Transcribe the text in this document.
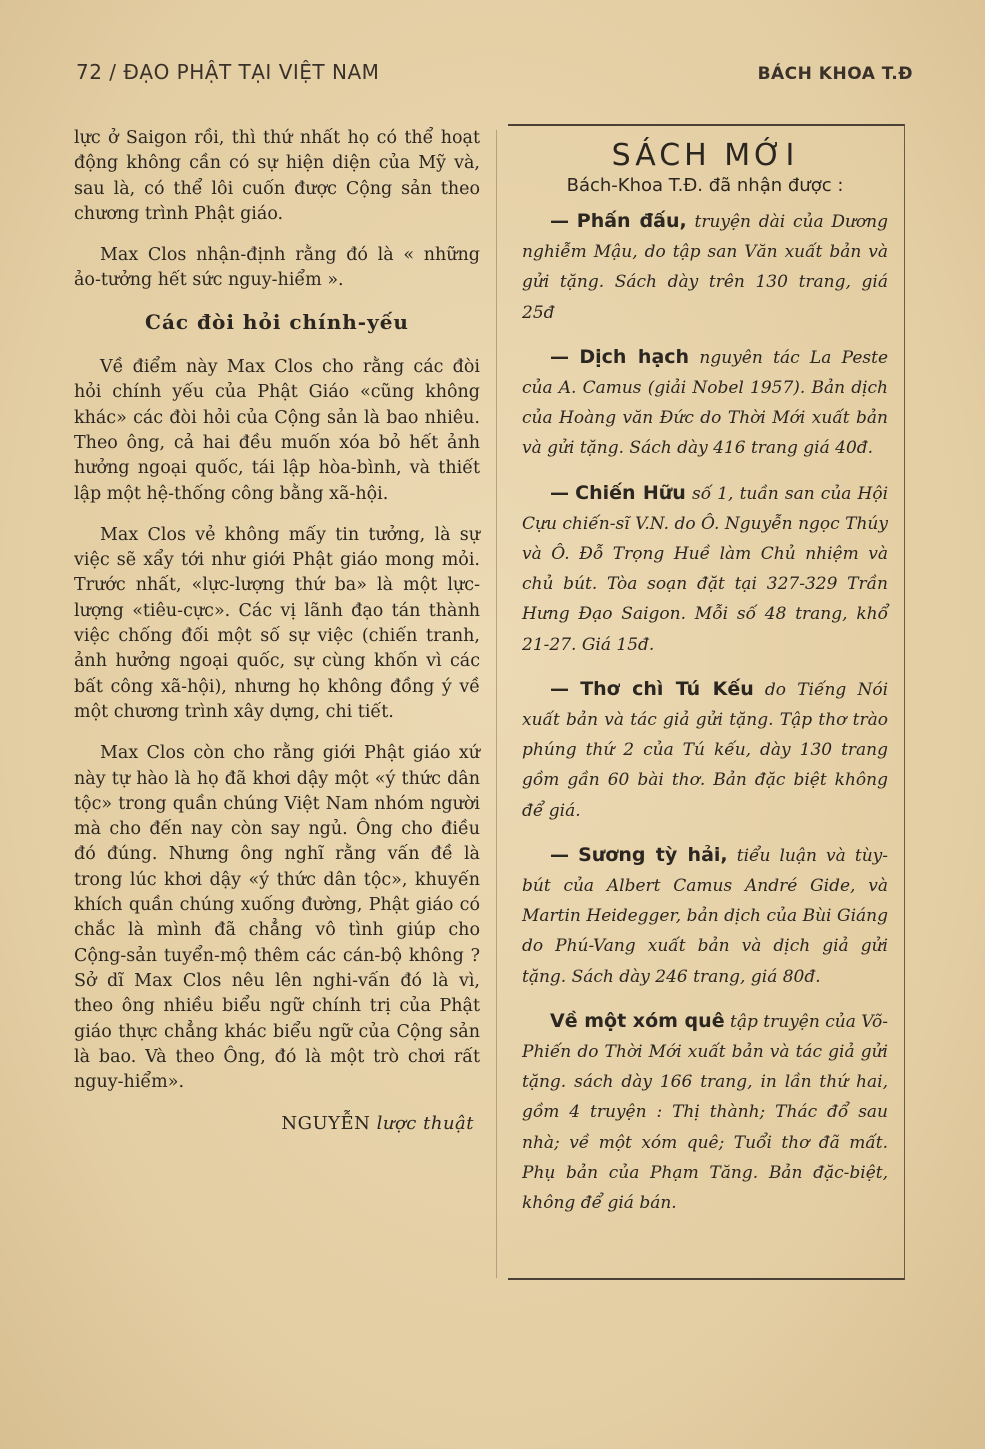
72 / ĐẠO PHẬT TẠI VIỆT NAM	BÁCH KHOA T.Đ

lực ở Saigon rồi, thì thứ nhất họ có thể hoạt động không cần có sự hiện diện của Mỹ và, sau là, có thể lôi cuốn được Cộng sản theo chương trình Phật giáo.

Max Clos nhận-định rằng đó là « những ảo-tưởng hết sức nguy-hiểm ».

Các đòi hỏi chính-yếu

Về điểm này Max Clos cho rằng các đòi hỏi chính yếu của Phật Giáo «cũng không khác» các đòi hỏi của Cộng sản là bao nhiêu. Theo ông, cả hai đều muốn xóa bỏ hết ảnh hưởng ngoại quốc, tái lập hòa-bình, và thiết lập một hệ-thống công bằng xã-hội.

Max Clos vẻ không mấy tin tưởng, là sự việc sẽ xẩy tới như giới Phật giáo mong mỏi. Trước nhất, «lực-lượng thứ ba» là một lực-lượng «tiêu-cực». Các vị lãnh đạo tán thành việc chống đối một số sự việc (chiến tranh, ảnh hưởng ngoại quốc, sự cùng khốn vì các bất công xã-hội), nhưng họ không đồng ý về một chương trình xây dựng, chi tiết.

Max Clos còn cho rằng giới Phật giáo xứ này tự hào là họ đã khơi dậy một «ý thức dân tộc» trong quần chúng Việt Nam nhóm người mà cho đến nay còn say ngủ. Ông cho điều đó đúng. Nhưng ông nghĩ rằng vấn đề là trong lúc khơi dậy «ý thức dân tộc», khuyến khích quần chúng xuống đường, Phật giáo có chắc là mình đã chẳng vô tình giúp cho Cộng-sản tuyển-mộ thêm các cán-bộ không ? Sở dĩ Max Clos nêu lên nghi-vấn đó là vì, theo ông nhiều biểu ngữ chính trị của Phật giáo thực chẳng khác biểu ngữ của Cộng sản là bao. Và theo Ông, đó là một trò chơi rất nguy-hiểm».

NGUYỄN lược thuật
SÁCH MỚI
Bách-Khoa T.Đ. đã nhận được :

— Phấn đấu, truyện dài của Dương nghiễm Mậu, do tập san Văn xuất bản và gửi tặng. Sách dày trên 130 trang, giá 25đ

— Dịch hạch nguyên tác La Peste của A. Camus (giải Nobel 1957). Bản dịch của Hoàng văn Đức do Thời Mới xuất bản và gửi tặng. Sách dày 416 trang giá 40đ.

— Chiến Hữu số 1, tuần san của Hội Cựu chiến-sĩ V.N. do Ô. Nguyễn ngọc Thúy và Ô. Đỗ Trọng Huề làm Chủ nhiệm và chủ bút. Tòa soạn đặt tại 327-329 Trần Hưng Đạo Saigon. Mỗi số 48 trang, khổ 21-27. Giá 15đ.

— Thơ chì Tú Kếu do Tiếng Nói xuất bản và tác giả gửi tặng. Tập thơ trào phúng thứ 2 của Tú kếu, dày 130 trang gồm gần 60 bài thơ. Bản đặc biệt không để giá.

— Sương tỳ hải, tiểu luận và tùy-bút của Albert Camus André Gide, và Martin Heidegger, bản dịch của Bùi Giáng do Phú-Vang xuất bản và dịch giả gửi tặng. Sách dày 246 trang, giá 80đ.

Về một xóm quê tập truyện của Võ-Phiến do Thời Mới xuất bản và tác giả gửi tặng. sách dày 166 trang, in lần thứ hai, gồm 4 truyện : Thị thành; Thác đổ sau nhà; về một xóm quê; Tuổi thơ đã mất. Phụ bản của Phạm Tăng. Bản đặc-biệt, không để giá bán.
